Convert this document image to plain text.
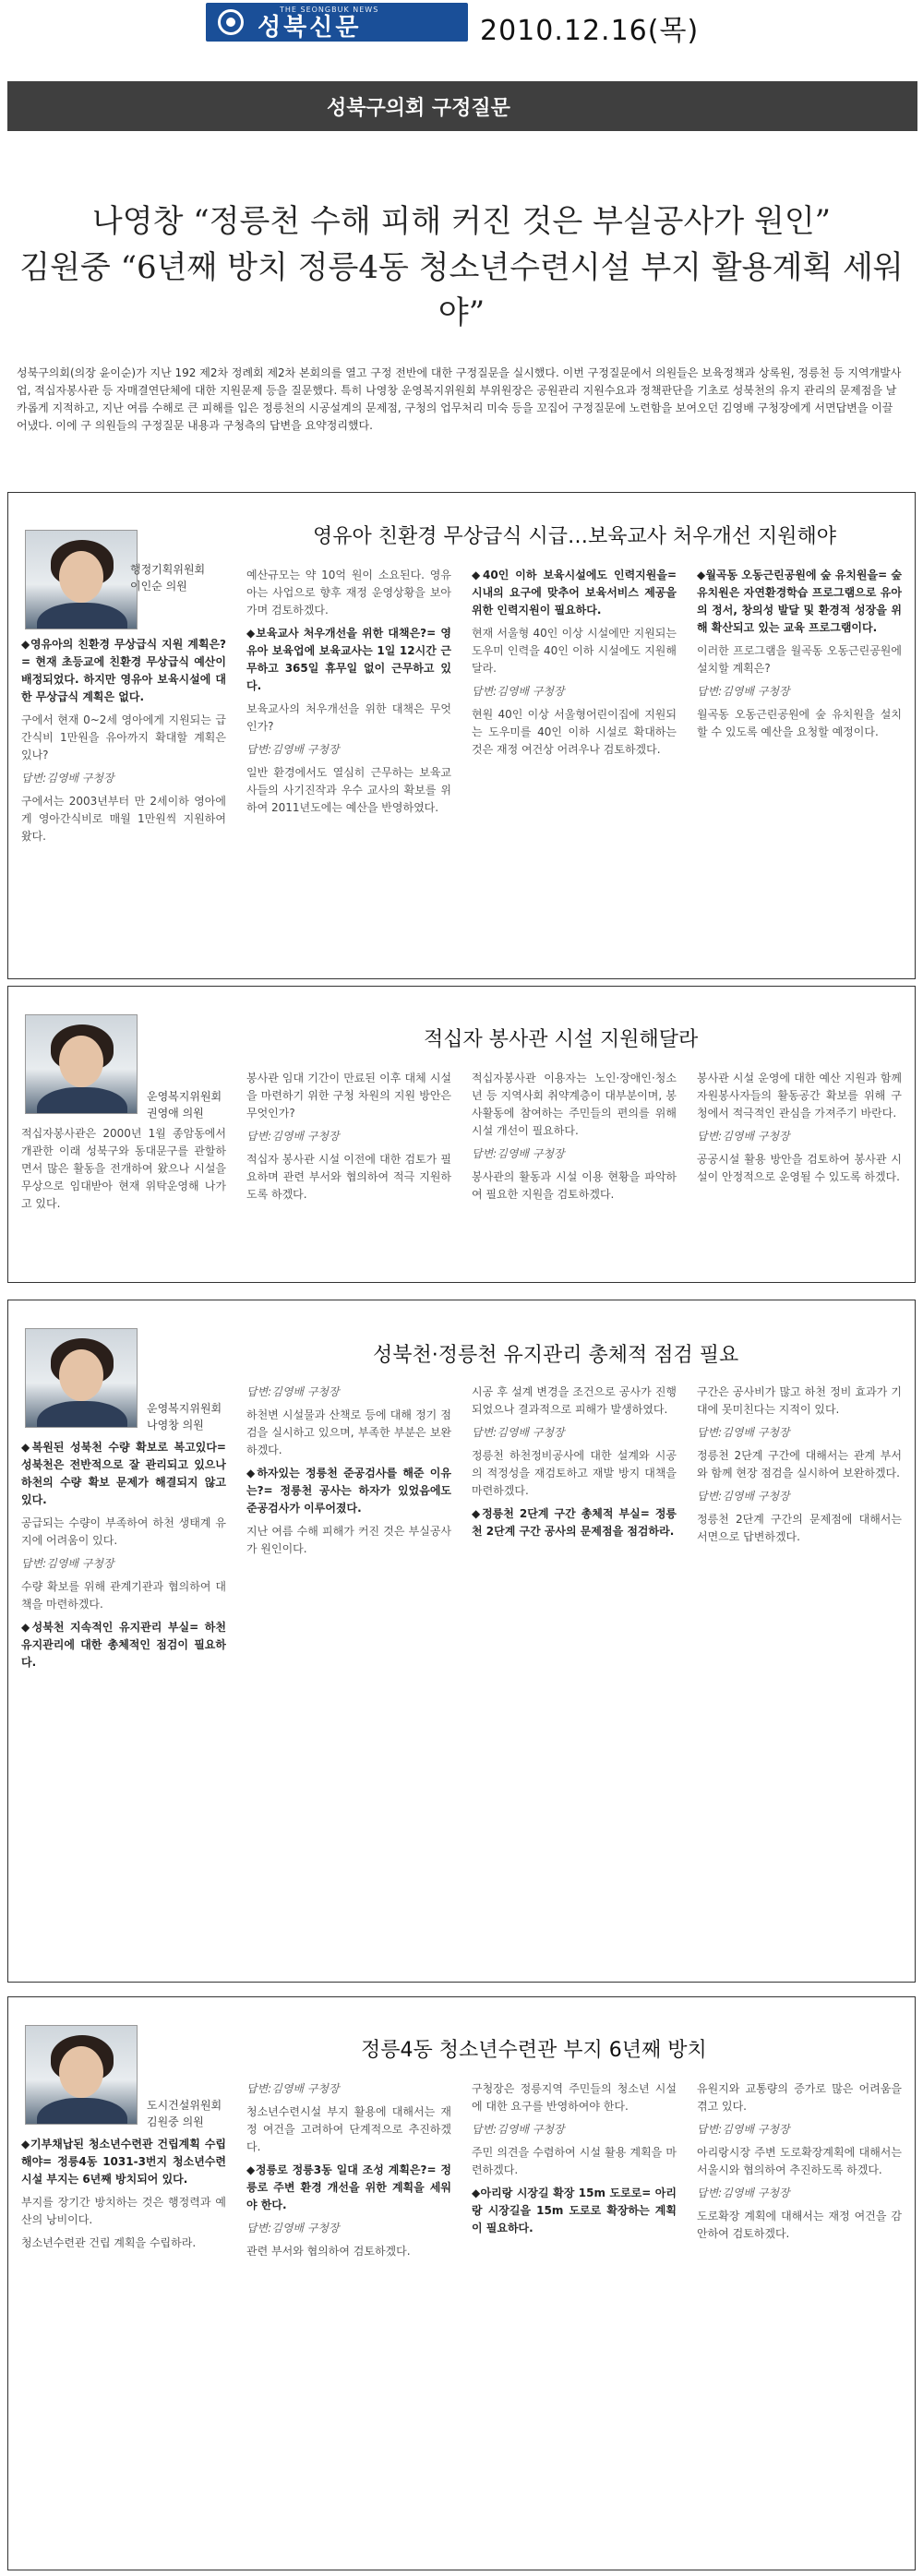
THE SEONGBUK NEWS
성북신문	2010.12.16(목)
성북구의회 구정질문
나영창 “정릉천 수해 피해 커진 것은 부실공사가 원인”
김원중 “6년째 방치 정릉4동 청소년수련시설 부지 활용계획 세워야”
성북구의회(의장 윤이순)가 지난 192 제2차 정례회 제2차 본회의를 열고 구정 전반에 대한 구정질문을 실시했다. 이번 구정질문에서 의원들은 보육정책과 상록원, 정릉천 등 지역개발사업, 적십자봉사관 등 자매결연단체에 대한 지원문제 등을 질문했다. 특히 나영창 운영복지위원회 부위원장은 공원관리 지원수요과 정책판단을 기초로 성북천의 유지 관리의 문제점을 날카롭게 지적하고, 지난 여름 수해로 큰 피해를 입은 정릉천의 시공설계의 문제점, 구청의 업무처리 미숙 등을 꼬집어 구정질문에 노련함을 보여오던 김영배 구청장에게 서면답변을 이끌어냈다. 이에 구 의원들의 구정질문 내용과 구청측의 답변을 요약정리했다.
영유아 친환경 무상급식 시급…보육교사 처우개선 지원해야
행정기획위원회
이인순 의원

◆영유아의 친환경 무상급식 지원 계획은?= 현재 초등교에 친환경 무상급식 예산이 배정되었다. 하지만 영유아 보육시설에 대한 무상급식 계획은 없다.

구에서 현재 0~2세 영아에게 지원되는 급간식비 1만원을 유아까지 확대할 계획은 있나?

답변:김영배 구청장

구에서는 2003년부터 만 2세이하 영아에게 영아간식비로 매월 1만원씩 지원하여 왔다.

예산규모는 약 10억 원이 소요된다. 영유아는 사업으로 향후 재정 운영상황을 보아가며 검토하겠다.

◆보육교사 처우개선을 위한 대책은?= 영유아 보육업에 보육교사는 1일 12시간 근무하고 365일 휴무일 없이 근무하고 있다.

보육교사의 처우개선을 위한 대책은 무엇인가?

답변:김영배 구청장

일반 환경에서도 열심히 근무하는 보육교사들의 사기진작과 우수 교사의 확보를 위하여 2011년도에는 예산을 반영하였다.

◆40인 이하 보육시설에도 인력지원을= 시내의 요구에 맞추어 보육서비스 제공을 위한 인력지원이 필요하다.

현재 서울형 40인 이상 시설에만 지원되는 도우미 인력을 40인 이하 시설에도 지원해 달라.

답변:김영배 구청장

현원 40인 이상 서울형어린이집에 지원되는 도우미를 40인 이하 시설로 확대하는 것은 재정 여건상 어려우나 검토하겠다.

◆월곡동 오동근린공원에 숲 유치원을= 숲 유치원은 자연환경학습 프로그램으로 유아의 정서, 창의성 발달 및 환경적 성장을 위해 확산되고 있는 교육 프로그램이다.

이러한 프로그램을 월곡동 오동근린공원에 설치할 계획은?

답변:김영배 구청장

월곡동 오동근린공원에 숲 유치원을 설치할 수 있도록 예산을 요청할 예정이다.

적십자 봉사관 시설 지원해달라
운영복지위원회
권영애 의원

적십자봉사관은 2000년 1월 종암동에서 개관한 이래 성북구와 동대문구를 관할하면서 많은 활동을 전개하여 왔으나 시설을 무상으로 임대받아 현재 위탁운영해 나가고 있다.

봉사관 임대 기간이 만료된 이후 대체 시설을 마련하기 위한 구청 차원의 지원 방안은 무엇인가?

답변:김영배 구청장

적십자 봉사관 시설 이전에 대한 검토가 필요하며 관련 부서와 협의하여 적극 지원하도록 하겠다.

적십자봉사관 이용자는 노인·장애인·청소년 등 지역사회 취약계층이 대부분이며, 봉사활동에 참여하는 주민들의 편의를 위해 시설 개선이 필요하다.

답변:김영배 구청장

봉사관의 활동과 시설 이용 현황을 파악하여 필요한 지원을 검토하겠다.

봉사관 시설 운영에 대한 예산 지원과 함께 자원봉사자들의 활동공간 확보를 위해 구청에서 적극적인 관심을 가져주기 바란다.

답변:김영배 구청장

공공시설 활용 방안을 검토하여 봉사관 시설이 안정적으로 운영될 수 있도록 하겠다.

성북천·정릉천 유지관리 총체적 점검 필요
운영복지위원회
나영창 의원

◆복원된 성북천 수량 확보로 복고있다= 성북천은 전반적으로 잘 관리되고 있으나 하천의 수량 확보 문제가 해결되지 않고 있다.

공급되는 수량이 부족하여 하천 생태계 유지에 어려움이 있다.

답변:김영배 구청장

수량 확보를 위해 관계기관과 협의하여 대책을 마련하겠다.

◆성북천 지속적인 유지관리 부실= 하천 유지관리에 대한 총체적인 점검이 필요하다.

답변:김영배 구청장

하천변 시설물과 산책로 등에 대해 정기 점검을 실시하고 있으며, 부족한 부분은 보완하겠다.

◆하자있는 정릉천 준공검사를 해준 이유는?= 정릉천 공사는 하자가 있었음에도 준공검사가 이루어졌다.

지난 여름 수해 피해가 커진 것은 부실공사가 원인이다.

시공 후 설계 변경을 조건으로 공사가 진행되었으나 결과적으로 피해가 발생하였다.

답변:김영배 구청장

정릉천 하천정비공사에 대한 설계와 시공의 적정성을 재검토하고 재발 방지 대책을 마련하겠다.

◆정릉천 2단계 구간 총체적 부실= 정릉천 2단계 구간 공사의 문제점을 점검하라.

구간은 공사비가 많고 하천 정비 효과가 기대에 못미친다는 지적이 있다.

답변:김영배 구청장

정릉천 2단계 구간에 대해서는 관계 부서와 함께 현장 점검을 실시하여 보완하겠다.

답변:김영배 구청장

정릉천 2단계 구간의 문제점에 대해서는 서면으로 답변하겠다.

정릉4동 청소년수련관 부지 6년째 방치
도시건설위원회
김원중 의원

◆기부채납된 청소년수련관 건립계획 수립해야= 정릉4동 1031-3번지 청소년수련시설 부지는 6년째 방치되어 있다.

부지를 장기간 방치하는 것은 행정력과 예산의 낭비이다.

청소년수련관 건립 계획을 수립하라.

답변:김영배 구청장

청소년수련시설 부지 활용에 대해서는 재정 여건을 고려하여 단계적으로 추진하겠다.

◆정릉로 정릉3동 일대 조성 계획은?= 정릉로 주변 환경 개선을 위한 계획을 세워야 한다.

답변:김영배 구청장

관련 부서와 협의하여 검토하겠다.

구청장은 정릉지역 주민들의 청소년 시설에 대한 요구를 반영하여야 한다.

답변:김영배 구청장

주민 의견을 수렴하여 시설 활용 계획을 마련하겠다.

◆아리랑 시장길 확장 15m 도로로= 아리랑 시장길을 15m 도로로 확장하는 계획이 필요하다.

유원지와 교통량의 증가로 많은 어려움을 겪고 있다.

답변:김영배 구청장

아리랑시장 주변 도로확장계획에 대해서는 서울시와 협의하여 추진하도록 하겠다.

답변:김영배 구청장

도로확장 계획에 대해서는 재정 여건을 감안하여 검토하겠다.
